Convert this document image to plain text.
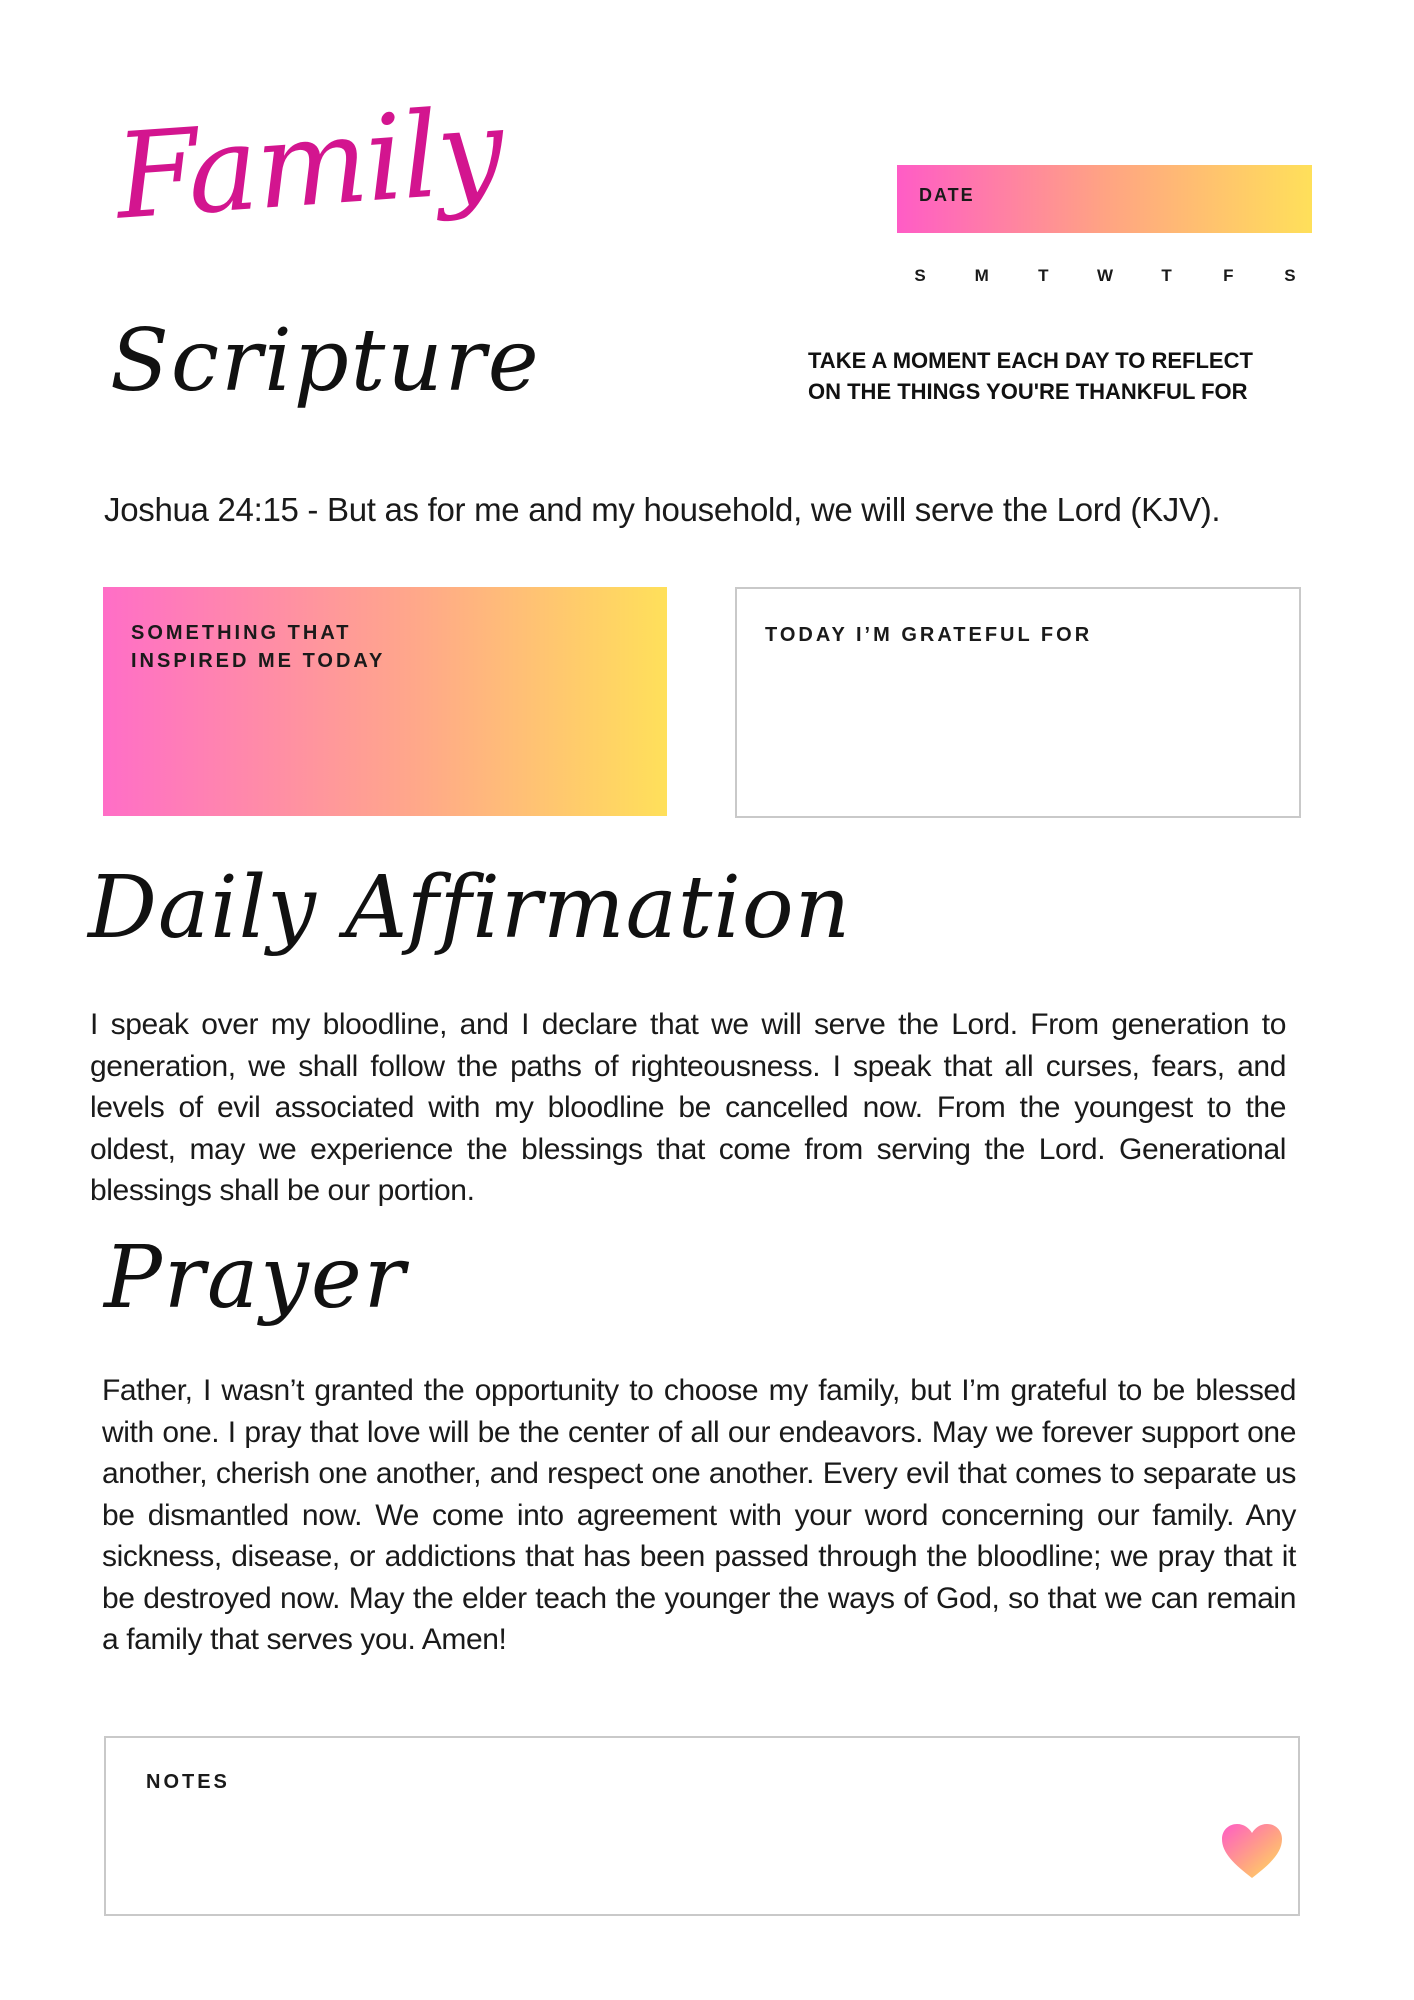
Family	DATE
S	M	T	W	T	F	S
Scripture	TAKE A MOMENT EACH DAY TO REFLECT
ON THE THINGS YOU'RE THANKFUL FOR
Joshua 24:15 - But as for me and my household, we will serve the Lord (KJV).
SOMETHING THAT
INSPIRED ME TODAY
TODAY I’M GRATEFUL FOR
Daily Affirmation
I speak over my bloodline, and I declare that we will serve the Lord. From generation to generation, we shall follow the paths of righteousness. I speak that all curses, fears, and levels of evil associated with my bloodline be cancelled now. From the youngest to the oldest, may we experience the blessings that come from serving the Lord. Generational blessings shall be our portion.
Prayer
Father, I wasn’t granted the opportunity to choose my family, but I’m grateful to be blessed with one. I pray that love will be the center of all our endeavors. May we forever support one another, cherish one another, and respect one another. Every evil that comes to separate us be dismantled now. We come into agreement with your word concerning our family. Any sickness, disease, or addictions that has been passed through the bloodline; we pray that it be destroyed now. May the elder teach the younger the ways of God, so that we can remain a family that serves you. Amen!
NOTES
